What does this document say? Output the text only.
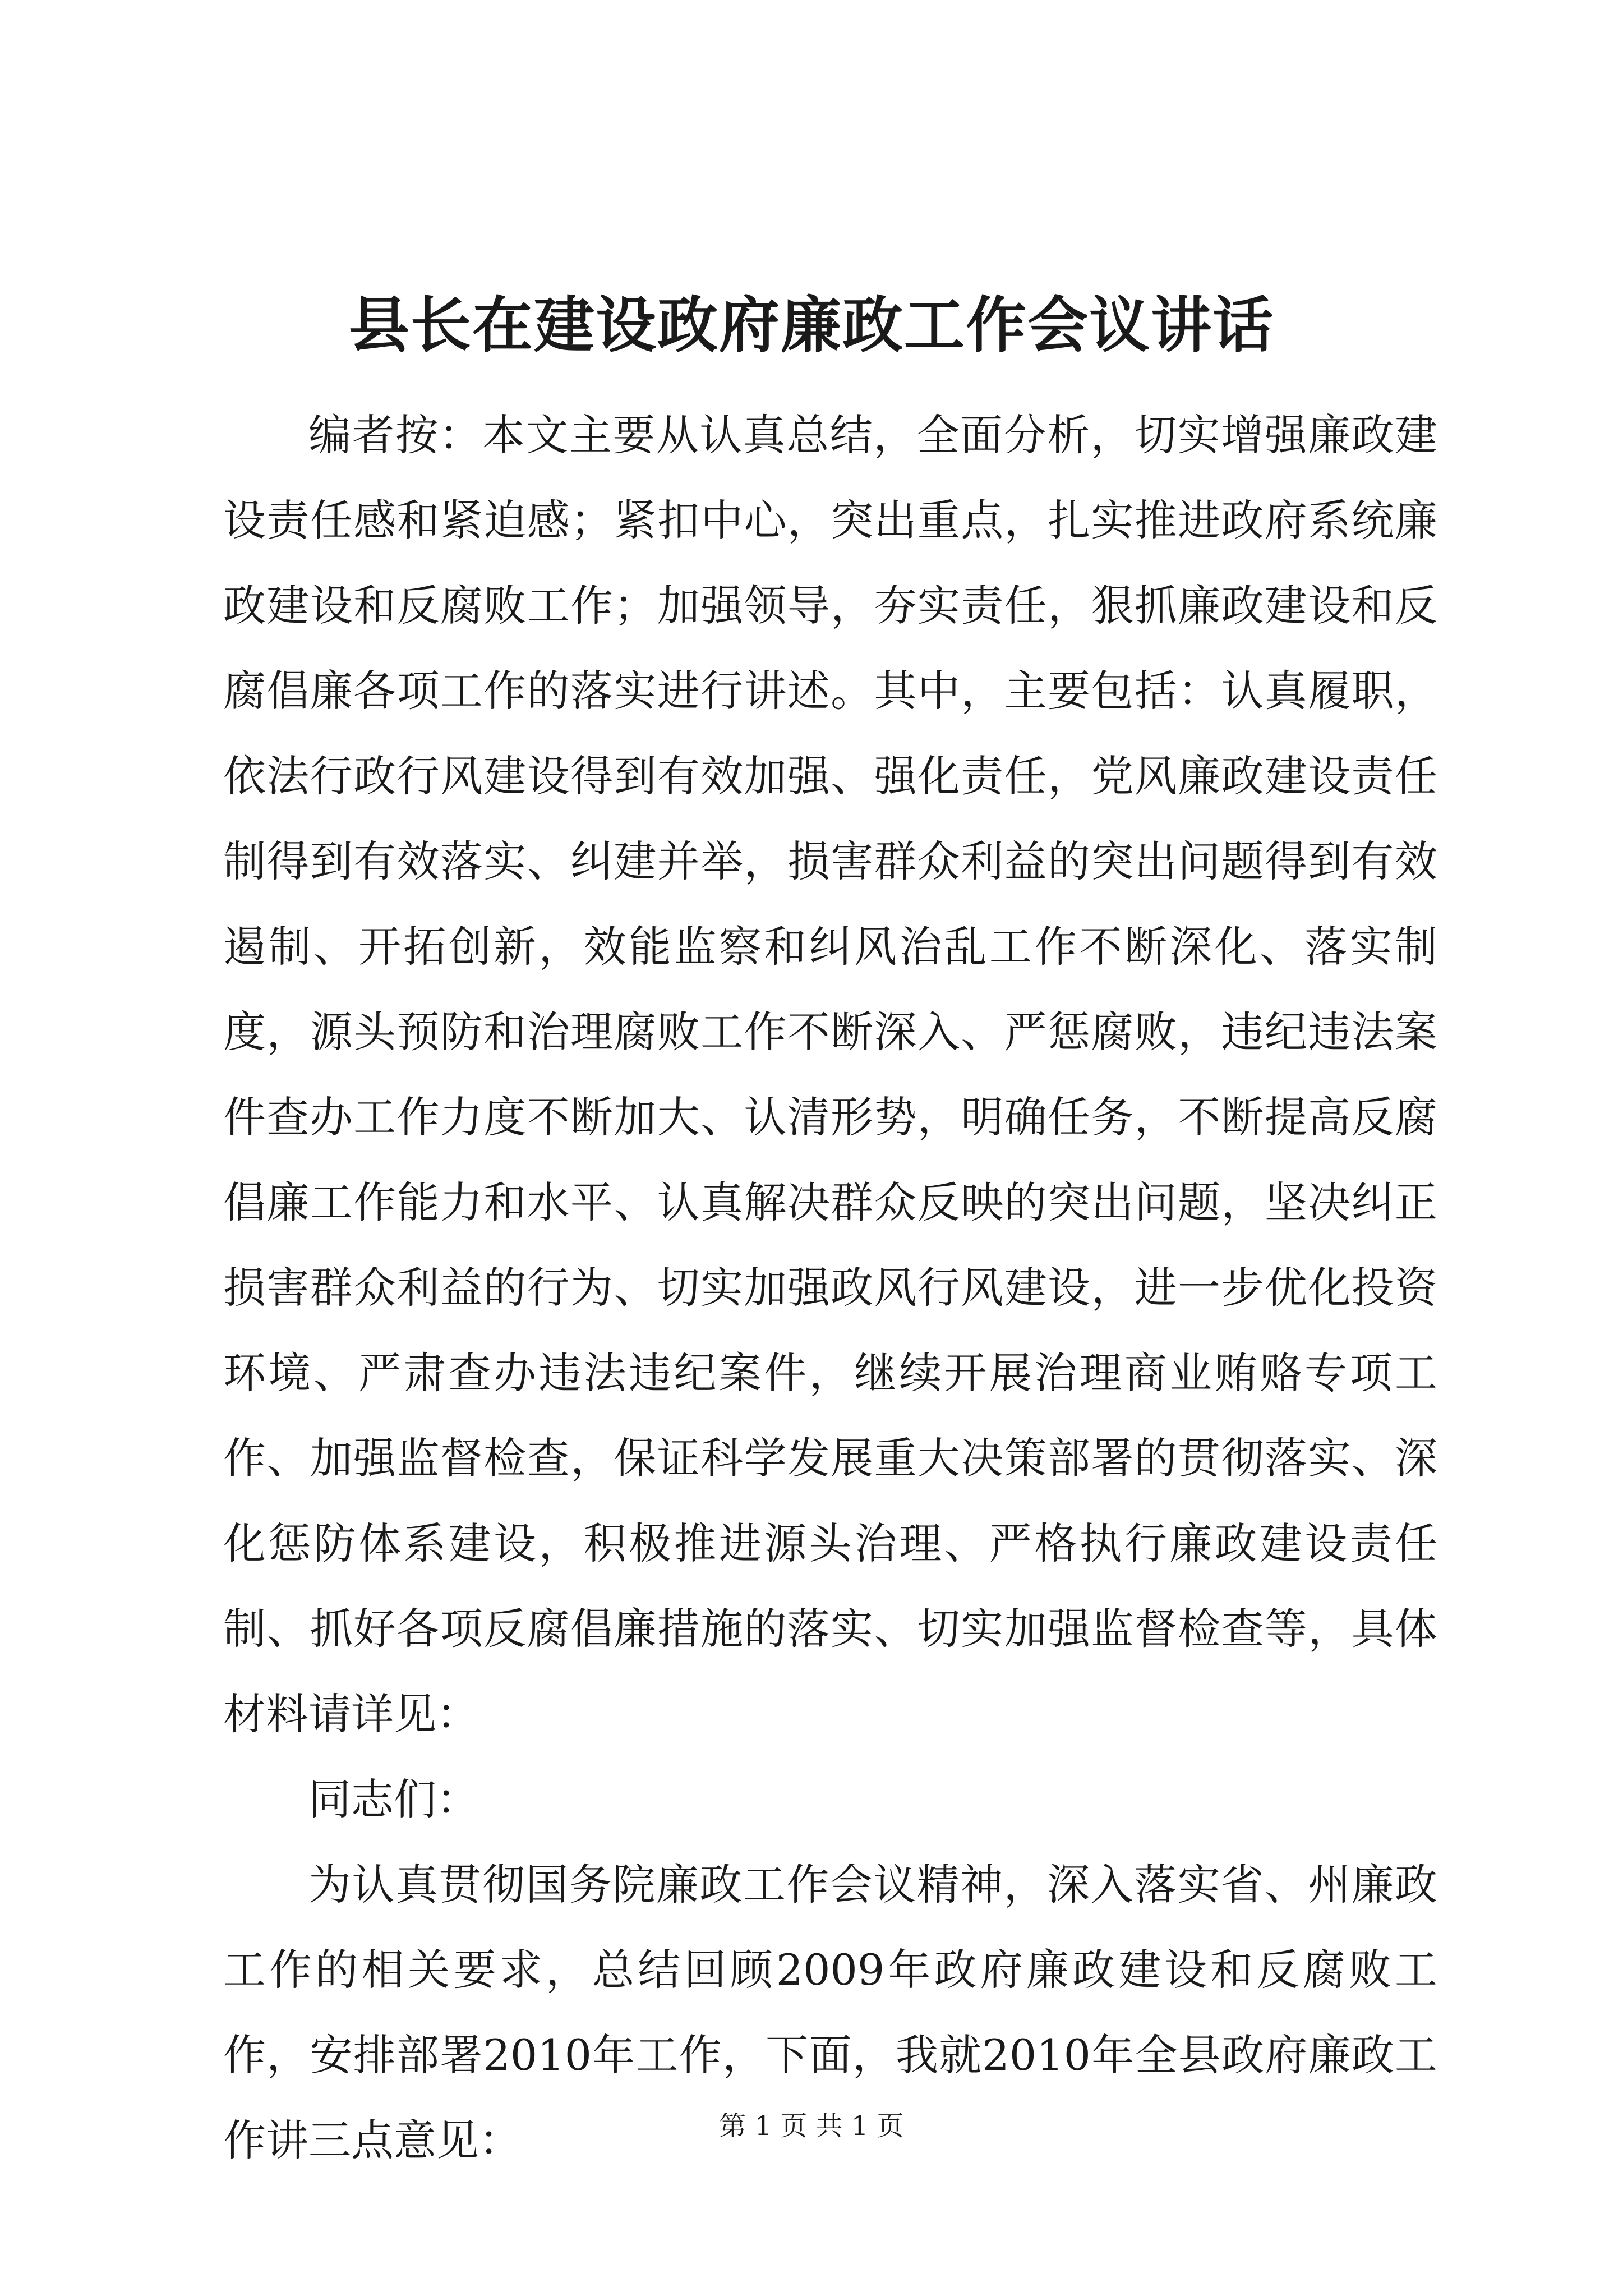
县长在建设政府廉政工作会议讲话

编者按：本文主要从认真总结，全面分析，切实增强廉政建设责任感和紧迫感；紧扣中心，突出重点，扎实推进政府系统廉政建设和反腐败工作；加强领导，夯实责任，狠抓廉政建设和反腐倡廉各项工作的落实进行讲述。其中，主要包括：认真履职，依法行政行风建设得到有效加强、强化责任，党风廉政建设责任制得到有效落实、纠建并举，损害群众利益的突出问题得到有效遏制、开拓创新，效能监察和纠风治乱工作不断深化、落实制度，源头预防和治理腐败工作不断深入、严惩腐败，违纪违法案件查办工作力度不断加大、认清形势，明确任务，不断提高反腐倡廉工作能力和水平、认真解决群众反映的突出问题，坚决纠正损害群众利益的行为、切实加强政风行风建设，进一步优化投资环境、严肃查办违法违纪案件，继续开展治理商业贿赂专项工作、加强监督检查，保证科学发展重大决策部署的贯彻落实、深化惩防体系建设，积极推进源头治理、严格执行廉政建设责任制、抓好各项反腐倡廉措施的落实、切实加强监督检查等，具体材料请详见：

同志们：

为认真贯彻国务院廉政工作会议精神，深入落实省、州廉政工作的相关要求，总结回顾2009年政府廉政建设和反腐败工作，安排部署2010年工作，下面，我就2010年全县政府廉政工作讲三点意见：	第 1 页 共 1 页
